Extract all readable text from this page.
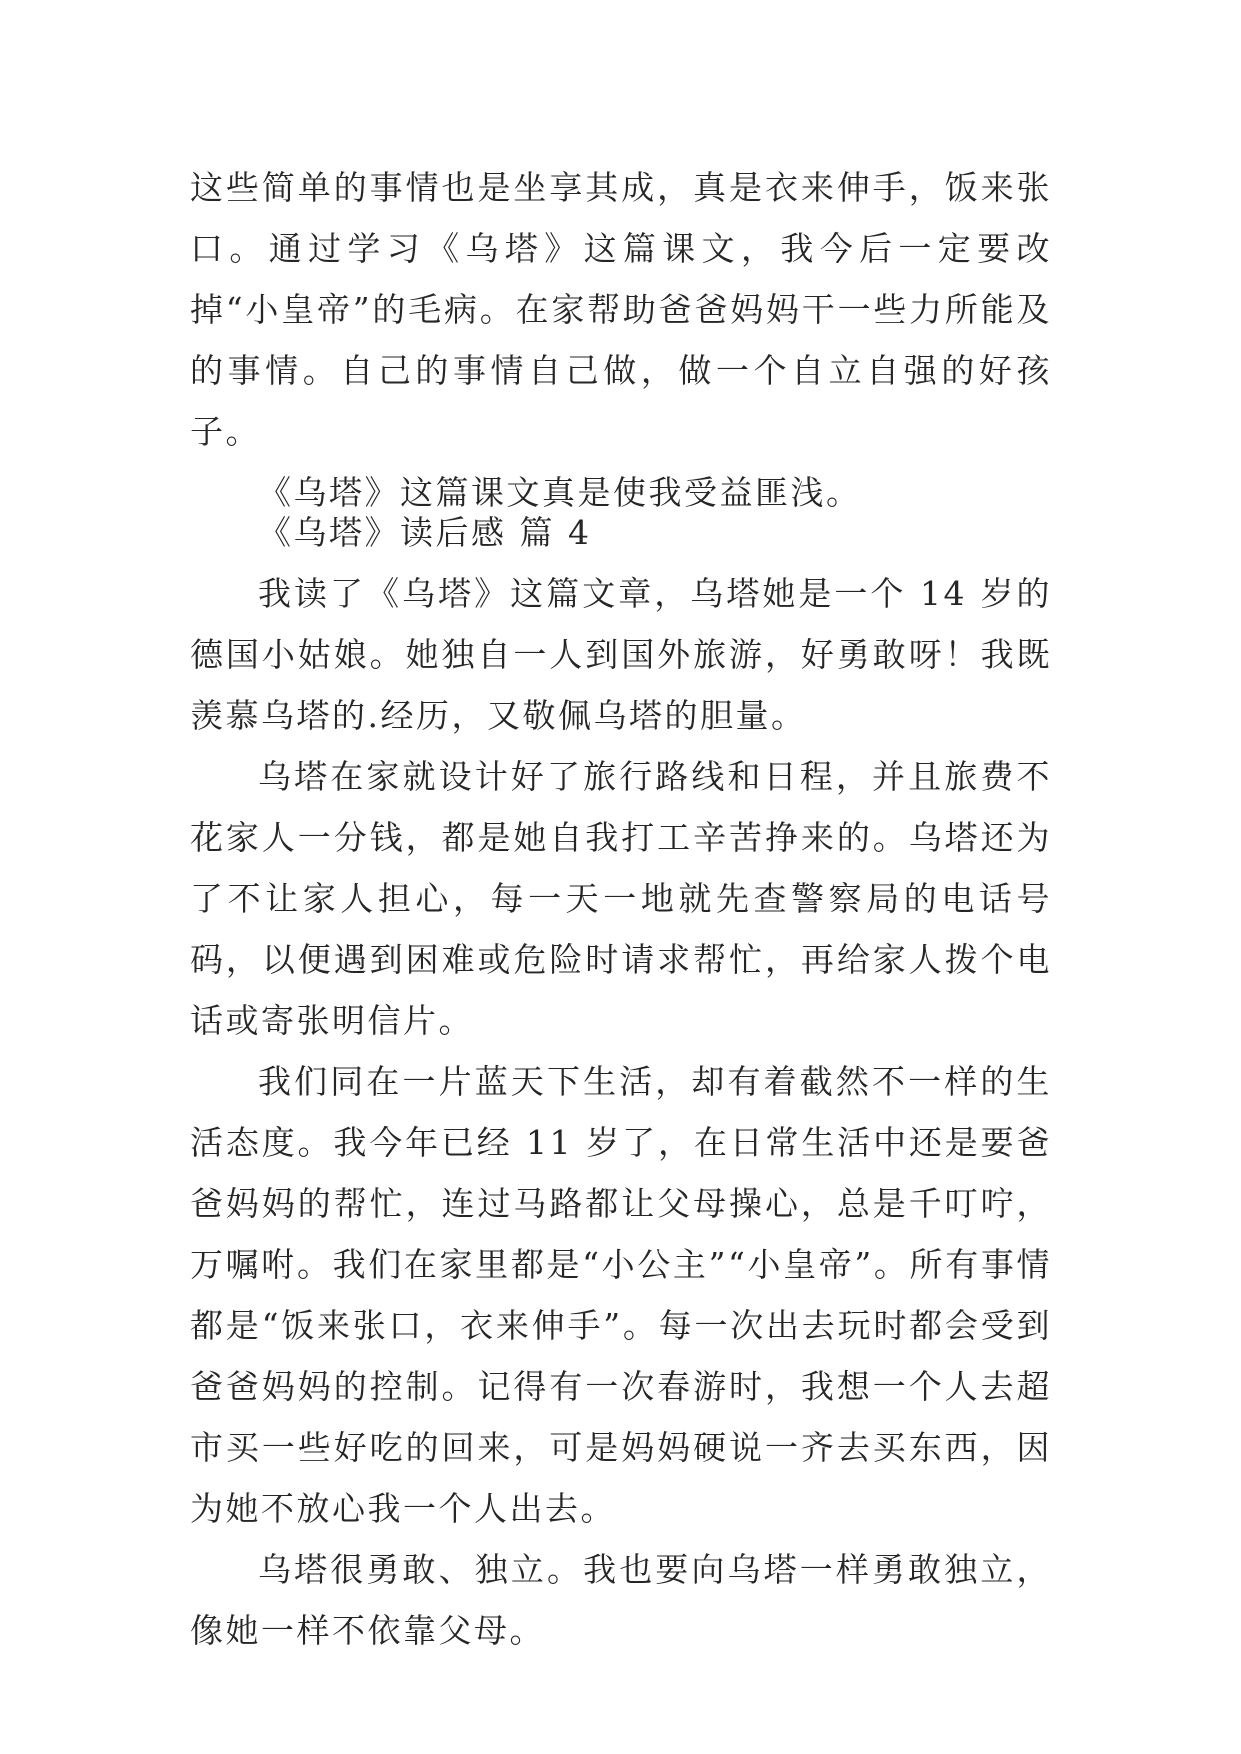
这些简单的事情也是坐享其成，真是衣来伸手，饭来张口。通过学习《乌塔》这篇课文，我今后一定要改掉“小皇帝”的毛病。在家帮助爸爸妈妈干一些力所能及的事情。自己的事情自己做，做一个自立自强的好孩子。

《乌塔》这篇课文真是使我受益匪浅。

《乌塔》读后感 篇 4

我读了《乌塔》这篇文章，乌塔她是一个 14 岁的德国小姑娘。她独自一人到国外旅游，好勇敢呀！我既羡慕乌塔的.经历，又敬佩乌塔的胆量。

乌塔在家就设计好了旅行路线和日程，并且旅费不花家人一分钱，都是她自我打工辛苦挣来的。乌塔还为了不让家人担心，每一天一地就先查警察局的电话号码，以便遇到困难或危险时请求帮忙，再给家人拨个电话或寄张明信片。

我们同在一片蓝天下生活，却有着截然不一样的生活态度。我今年已经 11 岁了，在日常生活中还是要爸爸妈妈的帮忙，连过马路都让父母操心，总是千叮咛，万嘱咐。我们在家里都是“小公主”“小皇帝”。所有事情都是“饭来张口，衣来伸手”。每一次出去玩时都会受到爸爸妈妈的控制。记得有一次春游时，我想一个人去超市买一些好吃的回来，可是妈妈硬说一齐去买东西，因为她不放心我一个人出去。

乌塔很勇敢、独立。我也要向乌塔一样勇敢独立，像她一样不依靠父母。
